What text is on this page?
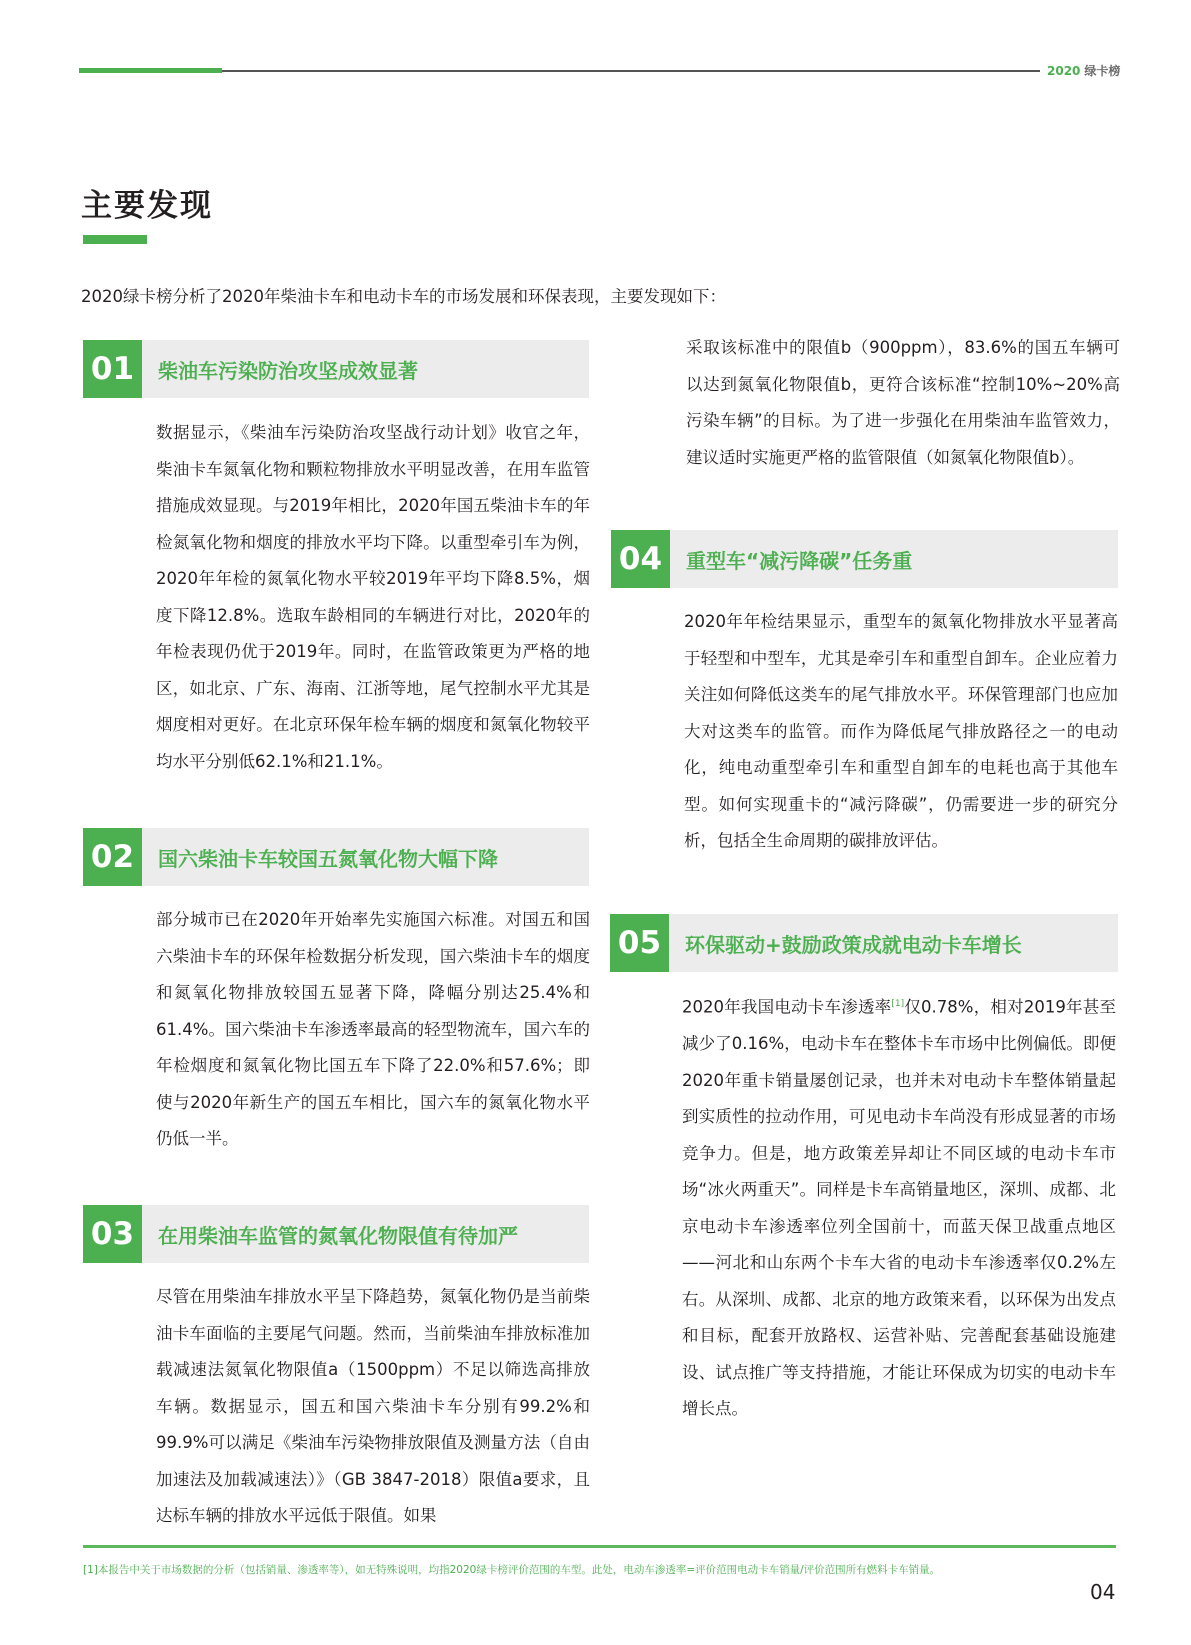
2020 绿卡榜
主要发现
2020绿卡榜分析了2020年柴油卡车和电动卡车的市场发展和环保表现，主要发现如下：
01	柴油车污染防治攻坚成效显著

数据显示，《柴油车污染防治攻坚战行动计划》收官之年，柴油卡车氮氧化物和颗粒物排放水平明显改善，在用车监管措施成效显现。与2019年相比，2020年国五柴油卡车的年检氮氧化物和烟度的排放水平均下降。以重型牵引车为例，2020年年检的氮氧化物水平较2019年平均下降8.5%，烟度下降12.8%。选取车龄相同的车辆进行对比，2020年的年检表现仍优于2019年。同时，在监管政策更为严格的地区，如北京、广东、海南、江浙等地，尾气控制水平尤其是烟度相对更好。在北京环保年检车辆的烟度和氮氧化物较平均水平分别低62.1%和21.1%。

02	国六柴油卡车较国五氮氧化物大幅下降

部分城市已在2020年开始率先实施国六标准。对国五和国六柴油卡车的环保年检数据分析发现，国六柴油卡车的烟度和氮氧化物排放较国五显著下降，降幅分别达25.4%和61.4%。国六柴油卡车渗透率最高的轻型物流车，国六车的年检烟度和氮氧化物比国五车下降了22.0%和57.6%；即使与2020年新生产的国五车相比，国六车的氮氧化物水平仍低一半。

03	在用柴油车监管的氮氧化物限值有待加严

尽管在用柴油车排放水平呈下降趋势，氮氧化物仍是当前柴油卡车面临的主要尾气问题。然而，当前柴油车排放标准加载减速法氮氧化物限值a（1500ppm）不足以筛选高排放车辆。数据显示，国五和国六柴油卡车分别有99.2%和99.9%可以满足《柴油车污染物排放限值及测量方法（自由加速法及加载减速法）》（GB 3847-2018）限值a要求，且达标车辆的排放水平远低于限值。如果

采取该标准中的限值b（900ppm），83.6%的国五车辆可以达到氮氧化物限值b，更符合该标准“控制10%~20%高污染车辆”的目标。为了进一步强化在用柴油车监管效力，建议适时实施更严格的监管限值（如氮氧化物限值b）。

04	重型车“减污降碳”任务重

2020年年检结果显示，重型车的氮氧化物排放水平显著高于轻型和中型车，尤其是牵引车和重型自卸车。企业应着力关注如何降低这类车的尾气排放水平。环保管理部门也应加大对这类车的监管。而作为降低尾气排放路径之一的电动化，纯电动重型牵引车和重型自卸车的电耗也高于其他车型。如何实现重卡的“减污降碳”，仍需要进一步的研究分析，包括全生命周期的碳排放评估。

05	环保驱动+鼓励政策成就电动卡车增长

2020年我国电动卡车渗透率[1]仅0.78%，相对2019年甚至减少了0.16%，电动卡车在整体卡车市场中比例偏低。即便2020年重卡销量屡创记录，也并未对电动卡车整体销量起到实质性的拉动作用，可见电动卡车尚没有形成显著的市场竞争力。但是，地方政策差异却让不同区域的电动卡车市场“冰火两重天”。同样是卡车高销量地区，深圳、成都、北京电动卡车渗透率位列全国前十，而蓝天保卫战重点地区——河北和山东两个卡车大省的电动卡车渗透率仅0.2%左右。从深圳、成都、北京的地方政策来看，以环保为出发点和目标，配套开放路权、运营补贴、完善配套基础设施建设、试点推广等支持措施，才能让环保成为切实的电动卡车增长点。

[1]本报告中关于市场数据的分析（包括销量、渗透率等），如无特殊说明，均指2020绿卡榜评价范围的车型。此处，电动车渗透率=评价范围电动卡车销量/评价范围所有燃料卡车销量。
04
